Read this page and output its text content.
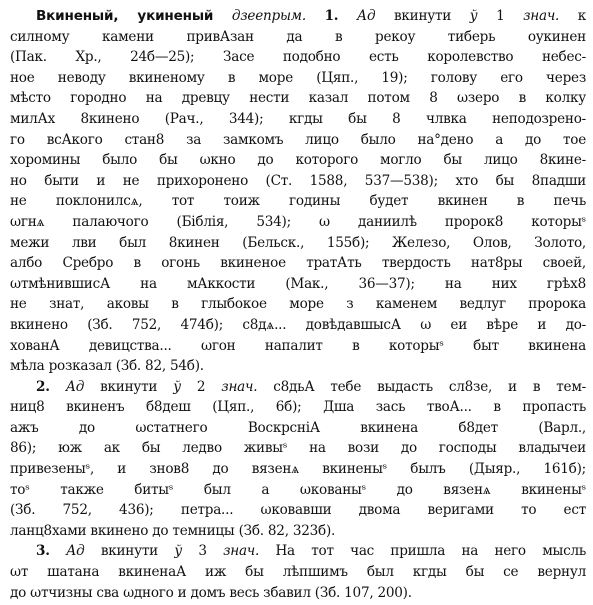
Вкиненый, укиненый дзеепрым. 1. Ад вкинути ў 1 знач. к
силному камени привАзан да в рекоу тиберь оукинен
(Пак. Хр., 24б—25); Засе подобно есть королевство небес-
ное неводу вкиненому в море (Цяп., 19); голову его через
мѣсто городно на древцу нести казал потом 8 ωзеро в колку
милАх 8кинено (Рач., 344); кгды бы 8 члвка неподозрено-
го всАкого стан8 за замкомъ лицо было на°дено а до тое
хоромины было бы ωкно до которого могло бы лицо 8кине-
но быти и не прихоронено (Ст. 1588, 537—538); хто бы 8падши
не поклонилсѧ, тот тоиж годины будет вкинен в печь
ωгнѧ палаючого (Біблія, 534); ω даниилѣ пророк8 которыˢ
межи лви был 8кинен (Бельск., 155б); Железо, Олов, Золото,
албо Сребро в огонь вкиненое тратАть твердость нат8ры своей,
ωтмѣнившисА на мАккости (Мак., 36—37); на них грѣх8
не знат, аковы в глыбокое море з каменем ведлуг пророка
вкинено (Зб. 752, 474б); с8дѧ... довѣдавшысА ω еи вѣре и до-
хованА девицства... ωгон напалит в которыˢ быт вкинена
мѣла розказал (Зб. 82, 54б).
2. Ад вкинути ў 2 знач. с8дьА тебе выдасть сл8зе, и в тем-
ниц8 вкиненъ б8деш (Цяп., 6б); Дша зась твоА... в пропасть
ажъ до ωстатнего ВоскрсніА вкинена б8дет (Варл.,
86); юж ак бы ледво живыˢ на вози до господы владычеи
привезеныˢ, и знов8 до вязенѧ вкиненыˢ былъ (Дыяр., 161б);
тоˢ также битыˢ был а ωкованыˢ до вязенѧ вкиненыˢ
(Зб. 752, 436); петра... ωковавши двома веригами то ест
ланц8хами вкинено до темницы (Зб. 82, 323б).
3. Ад вкинути ў 3 знач. На тот час пришла на него мысль
ωт шатана вкиненаА иж бы лѣпшимъ был кгды бы се вернул
до ωтчизны сва ωдного и домъ весь збавил (Зб. 107, 200).
